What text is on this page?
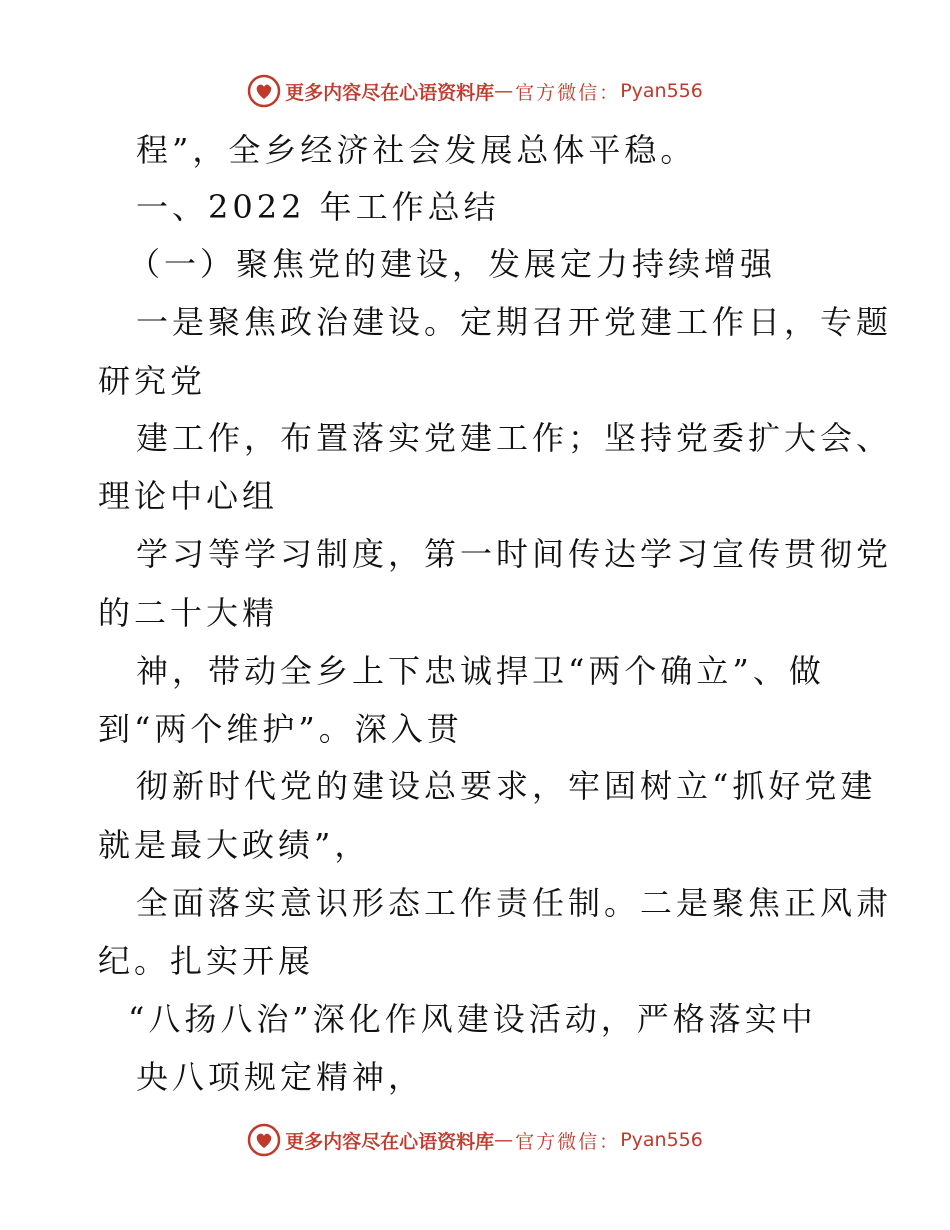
更多内容尽在心语资料库 — 官方微信： Pyan556
程”，全乡经济社会发展总体平稳。
一、2022 年工作总结
（一）聚焦党的建设，发展定力持续增强
一是聚焦政治建设。定期召开党建工作日，专题
研究党
建工作，布置落实党建工作；坚持党委扩大会、
理论中心组
学习等学习制度，第一时间传达学习宣传贯彻党
的二十大精
神，带动全乡上下忠诚捍卫“两个确立”、做
到“两个维护”。深入贯
彻新时代党的建设总要求，牢固树立“抓好党建
就是最大政绩”，
全面落实意识形态工作责任制。二是聚焦正风肃
纪。扎实开展
“八扬八治”深化作风建设活动，严格落实中
央八项规定精神，
更多内容尽在心语资料库 — 官方微信： Pyan556
